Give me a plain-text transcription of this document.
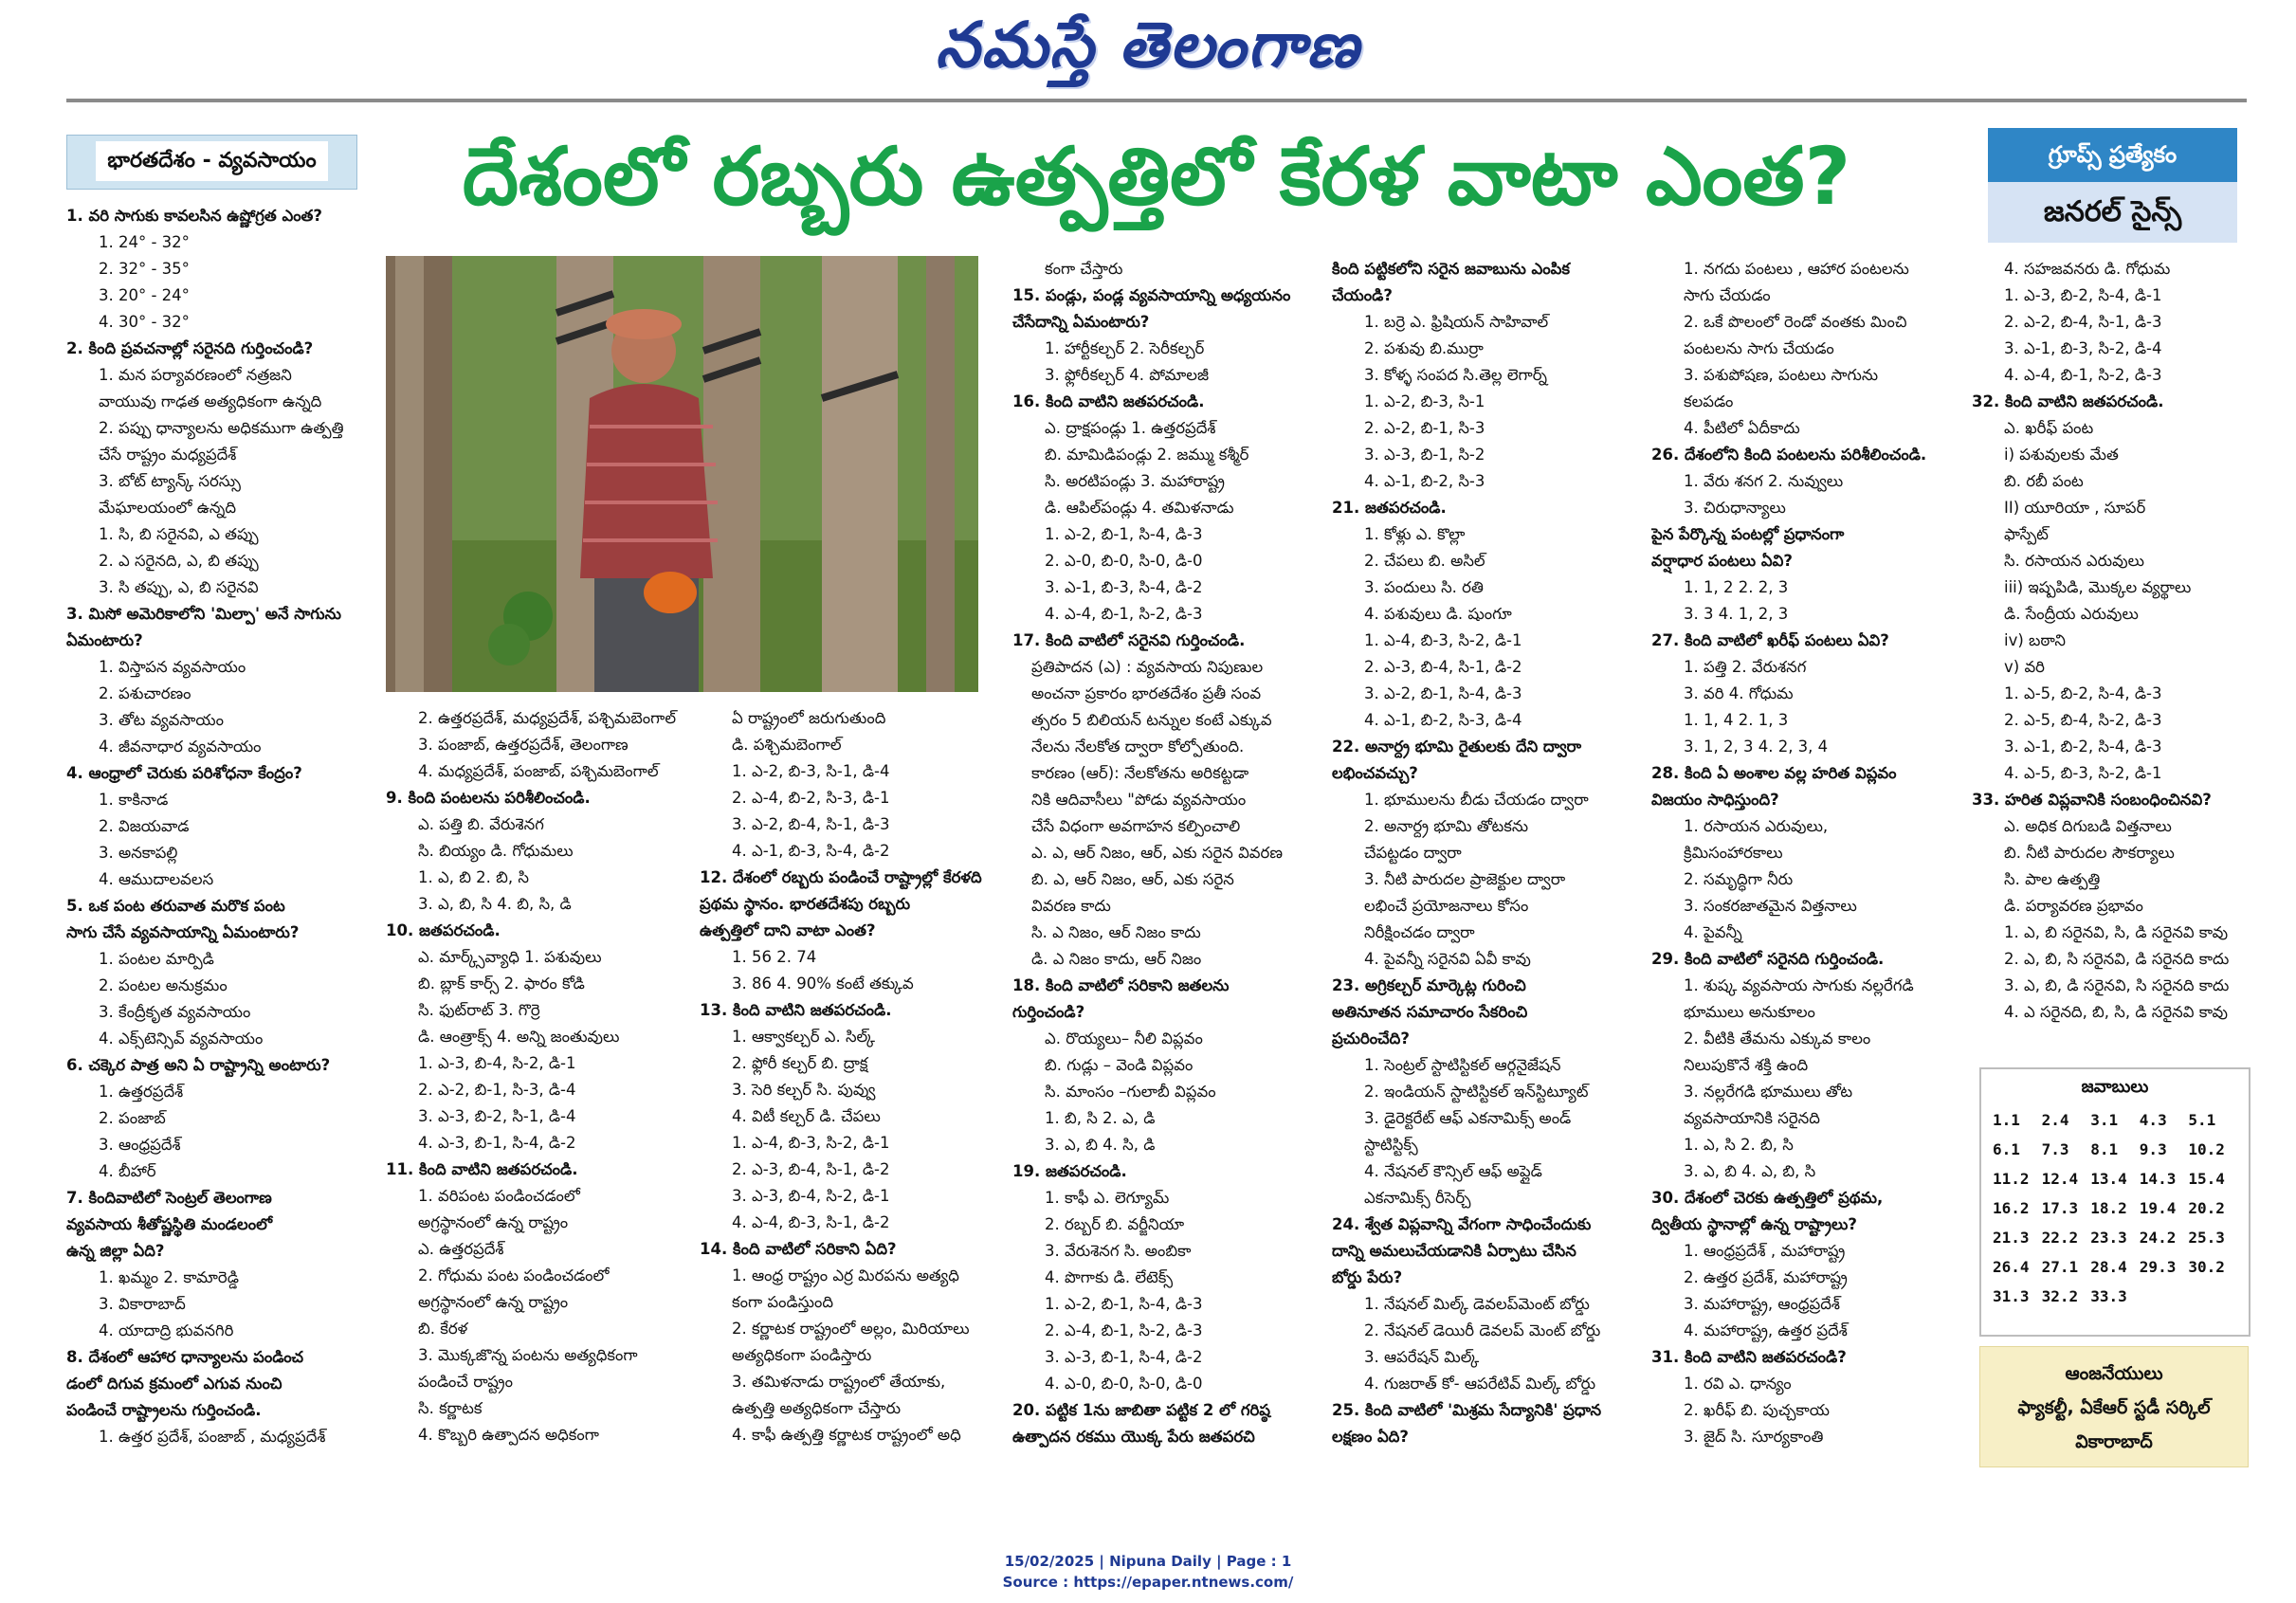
నమస్తే తెలంగాణ
భారతదేశం - వ్యవసాయం	దేశంలో రబ్బరు ఉత్పత్తిలో కేరళ వాటా ఎంత?	గ్రూప్స్ ప్రత్యేకం
జనరల్ సైన్స్
1. వరి సాగుకు కావలసిన ఉష్ణోగ్రత ఎంత?
1. 24° - 32°
2. 32° - 35°
3. 20° - 24°
4. 30° - 32°
2. కింది ప్రవచనాల్లో సరైనది గుర్తించండి?
1. మన పర్యావరణంలో నత్రజని
వాయువు గాఢత అత్యధికంగా ఉన్నది
2. పప్పు ధాన్యాలను అధికముగా ఉత్పత్తి
చేసే రాష్ట్రం మధ్యప్రదేశ్
3. బోట్ ట్యాన్క్ సరస్సు
మేఘాలయంలో ఉన్నది
1. సి, బి సరైనవి, ఎ తప్పు
2. ఎ సరైనది, ఎ, బి తప్పు
3. సి తప్పు, ఎ, బి సరైనవి
3. మిసో అమెరికాలోని 'మిల్పా' అనే సాగును
ఏమంటారు?
1. విస్తాపన వ్యవసాయం
2. పశుచారణం
3. తోట వ్యవసాయం
4. జీవనాధార వ్యవసాయం
4. ఆంధ్రాలో చెరుకు పరిశోధనా కేంద్రం?
1. కాకినాడ
2. విజయవాడ
3. అనకాపల్లి
4. ఆముదాలవలస
5. ఒక పంట తరువాత మరొక పంట
సాగు చేసే వ్యవసాయాన్ని ఏమంటారు?
1. పంటల మార్పిడి
2. పంటల అనుక్రమం
3. కేంద్రీకృత వ్యవసాయం
4. ఎక్స్‌టెన్సివ్ వ్యవసాయం
6. చక్కెర పాత్ర అని ఏ రాష్ట్రాన్ని అంటారు?
1. ఉత్తరప్రదేశ్
2. పంజాబ్
3. ఆంధ్రప్రదేశ్
4. బీహార్
7. కిందివాటిలో సెంట్రల్ తెలంగాణ
వ్యవసాయ శీతోష్ణస్థితి మండలంలో
ఉన్న జిల్లా ఏది?
1. ఖమ్మం 2. కామారెడ్డి
3. వికారాబాద్
4. యాదాద్రి భువనగిరి
8. దేశంలో ఆహార ధాన్యాలను పండించ
డంలో దిగువ క్రమంలో ఎగువ నుంచి
పండించే రాష్ట్రాలను గుర్తించండి.
1. ఉత్తర ప్రదేశ్, పంజాబ్ , మధ్యప్రదేశ్
2. ఉత్తరప్రదేశ్, మధ్యప్రదేశ్, పశ్చిమబెంగాల్
3. పంజాబ్, ఉత్తరప్రదేశ్, తెలంగాణ
4. మధ్యప్రదేశ్, పంజాబ్, పశ్చిమబెంగాల్
9. కింది పంటలను పరిశీలించండి.
ఎ. పత్తి బి. వేరుశెనగ
సి. బియ్యం డి. గోధుమలు
1. ఎ, బి 2. బి, సి
3. ఎ, బి, సి 4. బి, సి, డి
10. జతపరచండి.
ఎ. మార్క్స్‌వ్యాధి 1. పశువులు
బి. బ్లాక్ కార్స్ 2. ఫారం కోడి
సి. ఫుట్‌రాట్ 3. గొర్రె
డి. ఆంత్రాక్స్ 4. అన్ని జంతువులు
1. ఎ-3, బి-4, సి-2, డి-1
2. ఎ-2, బి-1, సి-3, డి-4
3. ఎ-3, బి-2, సి-1, డి-4
4. ఎ-3, బి-1, సి-4, డి-2
11. కింది వాటిని జతపరచండి.
1. వరిపంట పండించడంలో
అగ్రస్థానంలో ఉన్న రాష్ట్రం
ఎ. ఉత్తరప్రదేశ్
2. గోధుమ పంట పండించడంలో
అగ్రస్థానంలో ఉన్న రాష్ట్రం
బి. కేరళ
3. మొక్కజొన్న పంటను అత్యధికంగా
పండించే రాష్ట్రం
సి. కర్ణాటక
4. కొబ్బరి ఉత్పాదన అధికంగా
ఏ రాష్ట్రంలో జరుగుతుంది
డి. పశ్చిమబెంగాల్
1. ఎ-2, బి-3, సి-1, డి-4
2. ఎ-4, బి-2, సి-3, డి-1
3. ఎ-2, బి-4, సి-1, డి-3
4. ఎ-1, బి-3, సి-4, డి-2
12. దేశంలో రబ్బరు పండించే రాష్ట్రాల్లో కేరళది
ప్రథమ స్థానం. భారతదేశపు రబ్బరు
ఉత్పత్తిలో దాని వాటా ఎంత?
1. 56 2. 74
3. 86 4. 90% కంటే తక్కువ
13. కింది వాటిని జతపరచండి.
1. ఆక్వాకల్చర్ ఎ. సిల్క్
2. ఫ్లోరీ కల్చర్ బి. ద్రాక్ష
3. సెరి కల్చర్ సి. పువ్వు
4. విటీ కల్చర్ డి. చేపలు
1. ఎ-4, బి-3, సి-2, డి-1
2. ఎ-3, బి-4, సి-1, డి-2
3. ఎ-3, బి-4, సి-2, డి-1
4. ఎ-4, బి-3, సి-1, డి-2
14. కింది వాటిలో సరికాని ఏది?
1. ఆంధ్ర రాష్ట్రం ఎర్ర మిరపను అత్యధి
కంగా పండిస్తుంది
2. కర్ణాటక రాష్ట్రంలో అల్లం, మిరియాలు
అత్యధికంగా పండిస్తారు
3. తమిళనాడు రాష్ట్రంలో తేయాకు,
ఉత్పత్తి అత్యధికంగా చేస్తారు
4. కాఫీ ఉత్పత్తి కర్ణాటక రాష్ట్రంలో అధి
కంగా చేస్తారు
15. పండ్లు, పండ్ల వ్యవసాయాన్ని అధ్యయనం
చేసేదాన్ని ఏమంటారు?
1. హార్టీకల్చర్ 2. సెరీకల్చర్
3. ఫ్లోరీకల్చర్ 4. పోమాలజీ
16. కింది వాటిని జతపరచండి.
ఎ. ద్రాక్షపండ్లు 1. ఉత్తరప్రదేశ్
బి. మామిడిపండ్లు 2. జమ్ము కశ్మీర్
సి. అరటిపండ్లు 3. మహారాష్ట్ర
డి. ఆపిల్‌పండ్లు 4. తమిళనాడు
1. ఎ-2, బి-1, సి-4, డి-3
2. ఎ-0, బి-0, సి-0, డి-0
3. ఎ-1, బి-3, సి-4, డి-2
4. ఎ-4, బి-1, సి-2, డి-3
17. కింది వాటిలో సరైనవి గుర్తించండి.
ప్రతిపాదన (ఎ) : వ్యవసాయ నిపుణుల
అంచనా ప్రకారం భారతదేశం ప్రతీ సంవ
త్సరం 5 బిలియన్ టన్నుల కంటే ఎక్కువ
నేలను నేలకోత ద్వారా కోల్పోతుంది.
కారణం (ఆర్): నేలకోతను అరికట్టడా
నికి ఆదివాసీలు "పోడు వ్యవసాయం
చేసే విధంగా అవగాహన కల్పించాలి
ఎ. ఎ, ఆర్ నిజం, ఆర్, ఎకు సరైన వివరణ
బి. ఎ, ఆర్ నిజం, ఆర్, ఎకు సరైన
వివరణ కాదు
సి. ఎ నిజం, ఆర్ నిజం కాదు
డి. ఎ నిజం కాదు, ఆర్ నిజం
18. కింది వాటిలో సరికాని జతలను
గుర్తించండి?
ఎ. రొయ్యలు– నీలి విప్లవం
బి. గుడ్లు – వెండి విప్లవం
సి. మాంసం –గులాబీ విప్లవం
1. బి, సి 2. ఎ, డి
3. ఎ, బి 4. సి, డి
19. జతపరచండి.
1. కాఫీ ఎ. లెగ్యూమ్
2. రబ్బర్ బి. వర్జీనియా
3. వేరుశెనగ సి. అంబికా
4. పొగాకు డి. లేటెక్స్
1. ఎ-2, బి-1, సి-4, డి-3
2. ఎ-4, బి-1, సి-2, డి-3
3. ఎ-3, బి-1, సి-4, డి-2
4. ఎ-0, బి-0, సి-0, డి-0
20. పట్టిక 1ను జాబితా పట్టిక 2 లో గరిష్ఠ
ఉత్పాదన రకము యొక్క పేరు జతపరచి
కింది పట్టికలోని సరైన జవాబును ఎంపిక
చేయండి?
1. బర్రె ఎ. ఫ్రిషియన్ సాహివాల్
2. పశువు బి.ముర్రా
3. కోళ్ళ సంపద సి.తెల్ల లెగార్న్
1. ఎ-2, బి-3, సి-1
2. ఎ-2, బి-1, సి-3
3. ఎ-3, బి-1, సి-2
4. ఎ-1, బి-2, సి-3
21. జతపరచండి.
1. కోళ్లు ఎ. కొల్లా
2. చేపలు బి. అసిల్
3. పందులు సి. రతి
4. పశువులు డి. షుంగూ
1. ఎ-4, బి-3, సి-2, డి-1
2. ఎ-3, బి-4, సి-1, డి-2
3. ఎ-2, బి-1, సి-4, డి-3
4. ఎ-1, బి-2, సి-3, డి-4
22. అనార్ద్ర భూమి రైతులకు దేని ద్వారా
లభించవచ్చు?
1. భూములను బీడు చేయడం ద్వారా
2. అనార్ద్ర భూమి తోటకను
చేపట్టడం ద్వారా
3. నీటి పారుదల ప్రాజెక్టుల ద్వారా
లభించే ప్రయోజనాలు కోసం
నిరీక్షించడం ద్వారా
4. పైవన్నీ సరైనవి ఏవీ కావు
23. అగ్రికల్చర్ మార్కెట్ల గురించి
అతినూతన సమాచారం సేకరించి
ప్రచురించేది?
1. సెంట్రల్ స్టాటిస్టికల్ ఆర్గనైజేషన్
2. ఇండియన్ స్టాటిస్టికల్ ఇన్‌స్టిట్యూట్
3. డైరెక్టరేట్ ఆఫ్ ఎకనామిక్స్ అండ్
స్టాటిస్టిక్స్
4. నేషనల్ కౌన్సిల్ ఆఫ్ అప్లైడ్
ఎకనామిక్స్ రీసెర్చ్
24. శ్వేత విప్లవాన్ని వేగంగా సాధించేందుకు
దాన్ని అమలుచేయడానికి ఏర్పాటు చేసిన
బోర్డు పేరు?
1. నేషనల్ మిల్క్ డెవలప్‌మెంట్ బోర్డు
2. నేషనల్ డెయిరీ డెవలప్ మెంట్ బోర్డు
3. ఆపరేషన్ మిల్క్
4. గుజరాత్ కో- ఆపరేటివ్ మిల్క్ బోర్డు
25. కింది వాటిలో 'మిశ్రమ సేద్యానికి' ప్రధాన
లక్షణం ఏది?
1. నగదు పంటలు , ఆహార పంటలను
సాగు చేయడం
2. ఒకే పొలంలో రెండో వంతకు మించి
పంటలను సాగు చేయడం
3. పశుపోషణ, పంటలు సాగును
కలపడం
4. పీటిలో ఏదీకాదు
26. దేశంలోని కింది పంటలను పరిశీలించండి.
1. వేరు శనగ 2. నువ్వులు
3. చిరుధాన్యాలు
పైన పేర్కొన్న పంటల్లో ప్రధానంగా
వర్షాధార పంటలు ఏవి?
1. 1, 2 2. 2, 3
3. 3 4. 1, 2, 3
27. కింది వాటిలో ఖరీఫ్ పంటలు ఏవి?
1. పత్తి 2. వేరుశనగ
3. వరి 4. గోధుమ
1. 1, 4 2. 1, 3
3. 1, 2, 3 4. 2, 3, 4
28. కింది ఏ అంశాల వల్ల హరిత విప్లవం
విజయం సాధిస్తుంది?
1. రసాయన ఎరువులు,
క్రిమిసంహారకాలు
2. సమృద్ధిగా నీరు
3. సంకరజాతమైన విత్తనాలు
4. పైవన్నీ
29. కింది వాటిలో సరైనది గుర్తించండి.
1. శుష్క వ్యవసాయ సాగుకు నల్లరేగడి
భూములు అనుకూలం
2. వీటికి తేమను ఎక్కువ కాలం
నిలుపుకొనే శక్తి ఉంది
3. నల్లరేగడి భూములు తోట
వ్యవసాయానికి సరైనది
1. ఎ, సి 2. బి, సి
3. ఎ, బి 4. ఎ, బి, సి
30. దేశంలో చెరకు ఉత్పత్తిలో ప్రథమ,
ద్వితీయ స్థానాల్లో ఉన్న రాష్ట్రాలు?
1. ఆంధ్రప్రదేశ్ , మహారాష్ట్ర
2. ఉత్తర ప్రదేశ్, మహారాష్ట్ర
3. మహారాష్ట్ర, ఆంధ్రప్రదేశ్
4. మహారాష్ట్ర, ఉత్తర ప్రదేశ్
31. కింది వాటిని జతపరచండి?
1. రవి ఎ. ధాన్యం
2. ఖరీఫ్ బి. పుచ్చకాయ
3. జైద్ సి. సూర్యకాంతి
4. సహజవనరు డి. గోధుమ
1. ఎ-3, బి-2, సి-4, డి-1
2. ఎ-2, బి-4, సి-1, డి-3
3. ఎ-1, బి-3, సి-2, డి-4
4. ఎ-4, బి-1, సి-2, డి-3
32. కింది వాటిని జతపరచండి.
ఎ. ఖరీఫ్ పంట
i) పశువులకు మేత
బి. రబీ పంట
II) యూరియా , సూపర్
ఫాస్పేట్
సి. రసాయన ఎరువులు
iii) ఇష్పపిడి, మొక్కల వ్యర్థాలు
డి. సేంద్రీయ ఎరువులు
iv) బఠాని
v) వరి
1. ఎ-5, బి-2, సి-4, డి-3
2. ఎ-5, బి-4, సి-2, డి-3
3. ఎ-1, బి-2, సి-4, డి-3
4. ఎ-5, బి-3, సి-2, డి-1
33. హరిత విప్లవానికి సంబంధించినవి?
ఎ. అధిక దిగుబడి విత్తనాలు
బి. నీటి పారుదల సౌకర్యాలు
సి. పాల ఉత్పత్తి
డి. పర్యావరణ ప్రభావం
1. ఎ, బి సరైనవి, సి, డి సరైనవి కావు
2. ఎ, బి, సి సరైనవి, డి సరైనది కాదు
3. ఎ, బి, డి సరైనవి, సి సరైనది కాదు
4. ఎ సరైనది, బి, సి, డి సరైనవి కావు
జవాబులు
1.1	2.4	3.1	4.3	5.1
6.1	7.3	8.1	9.3	10.2
11.2 12.4 13.4 14.3 15.4
16.2 17.3 18.2 19.4 20.2
21.3 22.2 23.3 24.2 25.3
26.4 27.1 28.4 29.3 30.2
31.3 32.2 33.3
ఆంజనేయులు
ఫ్యాకల్టీ, ఏకేఆర్ స్టడీ సర్కిల్
వికారాబాద్
15/02/2025 | Nipuna Daily | Page : 1
Source : https://epaper.ntnews.com/
